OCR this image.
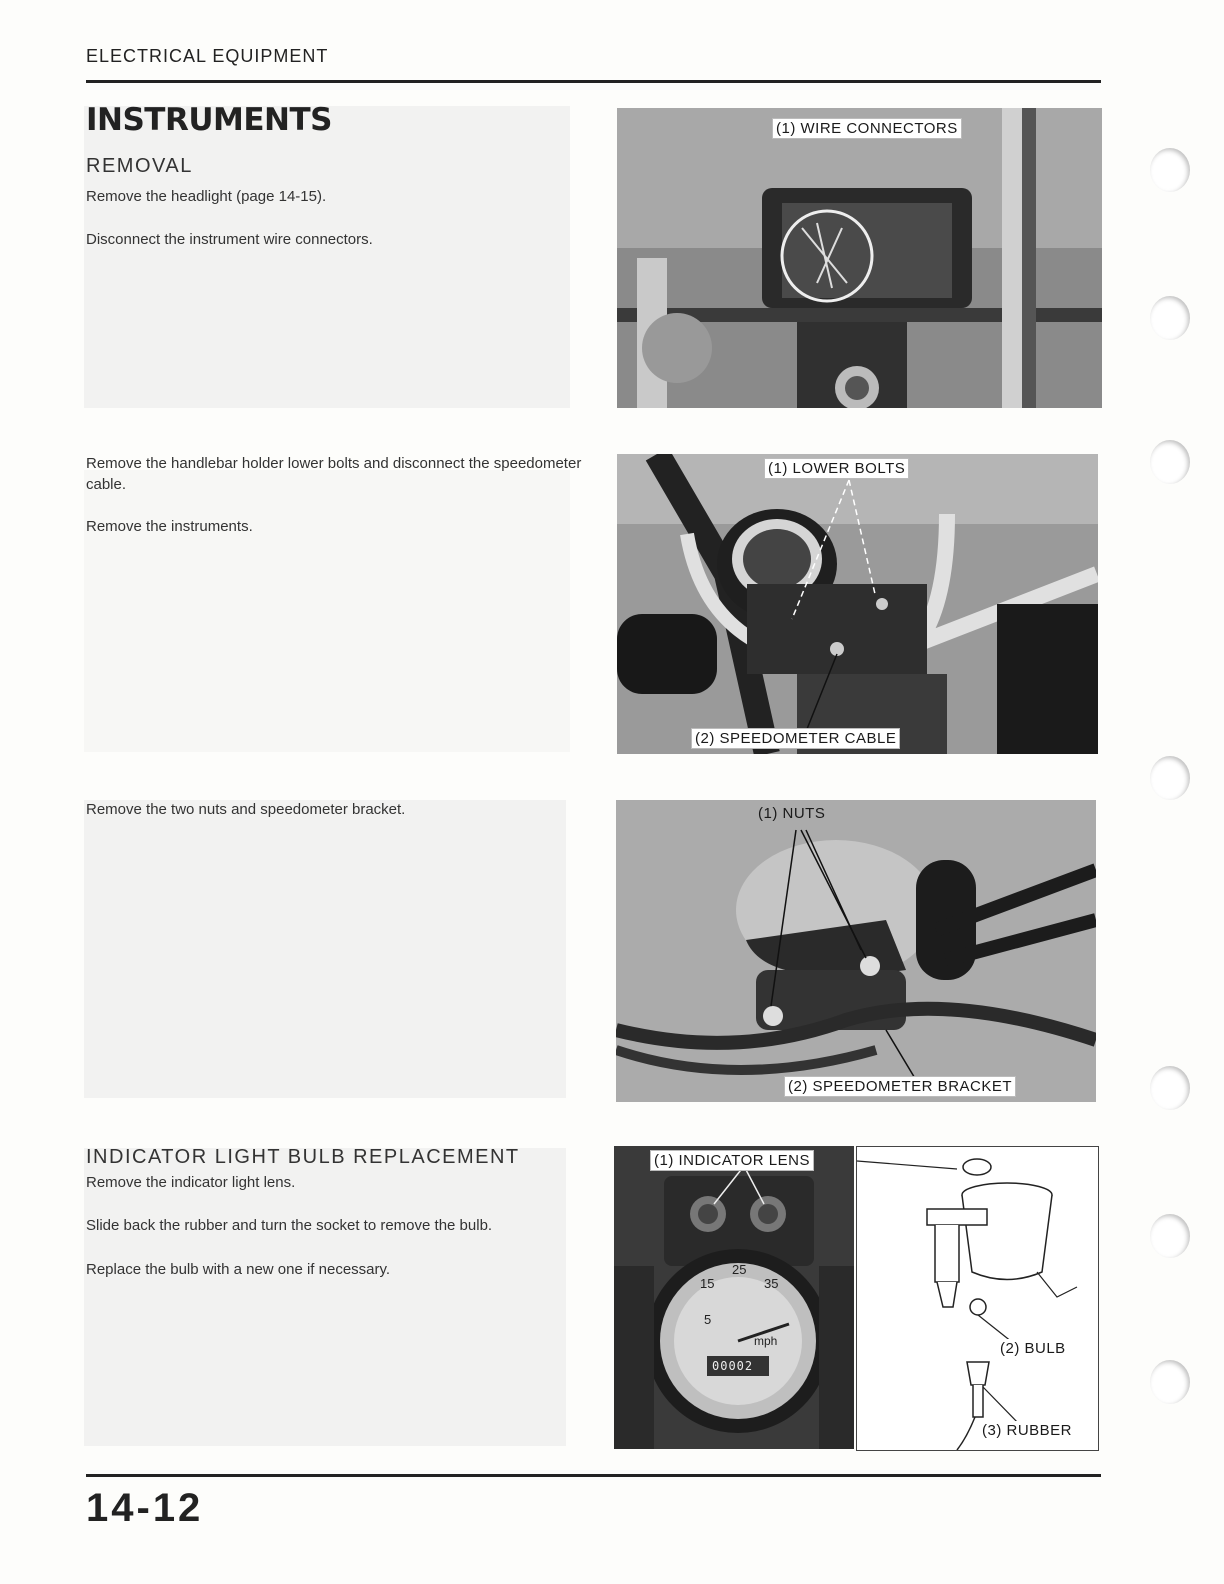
ELECTRICAL EQUIPMENT
INSTRUMENTS
REMOVAL
Remove the headlight (page 14-15).
Disconnect the instrument wire connectors.
Remove the handlebar holder lower bolts and disconnect the speedometer cable.
Remove the instruments.
Remove the two nuts and speedometer bracket.
INDICATOR LIGHT BULB REPLACEMENT
Remove the indicator light lens.
Slide back the rubber and turn the socket to remove the bulb.
Replace the bulb with a new one if necessary.
(1) WIRE CONNECTORS
(1) LOWER BOLTS
(2) SPEEDOMETER CABLE
(1) NUTS
(2) SPEEDOMETER BRACKET
5
15
25
35
mph
00002
(1) INDICATOR LENS
(2) BULB
(3) RUBBER
14-12
